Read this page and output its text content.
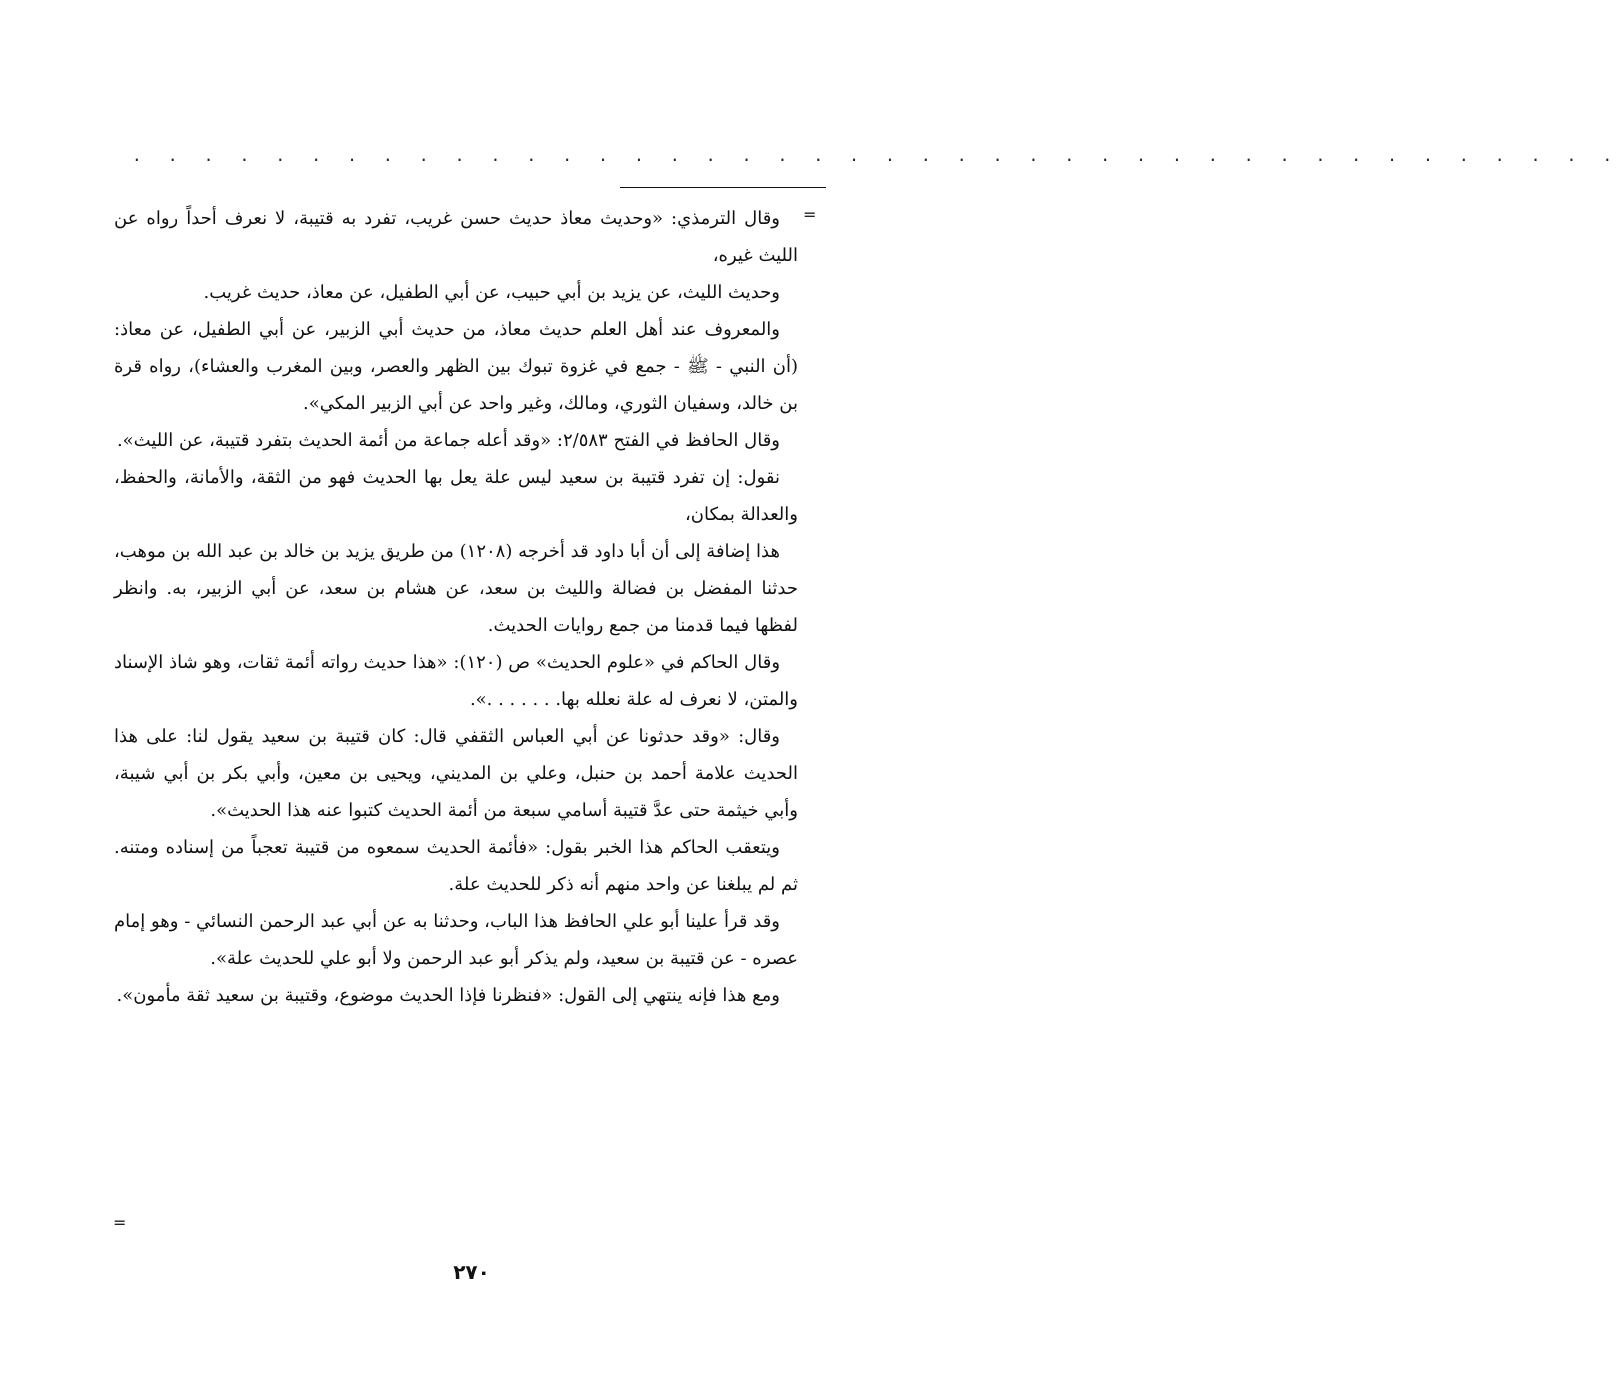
. . . . . . . . . . . . . . . . . . . . . . . . . . . . . . . . . . . . . . . . . .
=

وقال الترمذي: «وحديث معاذ حديث حسن غريب، تفرد به قتيبة، لا نعرف أحداً رواه عن الليث غيره،

وحديث الليث، عن يزيد بن أبي حبيب، عن أبي الطفيل، عن معاذ، حديث غريب.

والمعروف عند أهل العلم حديث معاذ، من حديث أبي الزبير، عن أبي الطفيل، عن معاذ: (أن النبي - ﷺ - جمع في غزوة تبوك بين الظهر والعصر، وبين المغرب والعشاء)، رواه قرة بن خالد، وسفيان الثوري، ومالك، وغير واحد عن أبي الزبير المكي».

وقال الحافظ في الفتح ٢/٥٨٣: «وقد أعله جماعة من أئمة الحديث بتفرد قتيبة، عن الليث».

نقول: إن تفرد قتيبة بن سعيد ليس علة يعل بها الحديث فهو من الثقة، والأمانة، والحفظ، والعدالة بمكان،

هذا إضافة إلى أن أبا داود قد أخرجه (١٢٠٨) من طريق يزيد بن خالد بن عبد الله بن موهب، حدثنا المفضل بن فضالة والليث بن سعد، عن هشام بن سعد، عن أبي الزبير، به. وانظر لفظها فيما قدمنا من جمع روايات الحديث.

وقال الحاكم في «علوم الحديث» ص (١٢٠): «هذا حديث رواته أئمة ثقات، وهو شاذ الإسناد والمتن، لا نعرف له علة نعلله بها. . . . . . .».

وقال: «وقد حدثونا عن أبي العباس الثقفي قال: كان قتيبة بن سعيد يقول لنا: على هذا الحديث علامة أحمد بن حنبل، وعلي بن المديني، ويحيى بن معين، وأبي بكر بن أبي شيبة، وأبي خيثمة حتى عدَّ قتيبة أسامي سبعة من أئمة الحديث كتبوا عنه هذا الحديث».

ويتعقب الحاكم هذا الخبر بقول: «فأئمة الحديث سمعوه من قتيبة تعجباً من إسناده ومتنه. ثم لم يبلغنا عن واحد منهم أنه ذكر للحديث علة.

وقد قرأ علينا أبو علي الحافظ هذا الباب، وحدثنا به عن أبي عبد الرحمن النسائي - وهو إمام عصره - عن قتيبة بن سعيد، ولم يذكر أبو عبد الرحمن ولا أبو علي للحديث علة».

ومع هذا فإنه ينتهي إلى القول: «فنظرنا فإذا الحديث موضوع، وقتيبة بن سعيد ثقة مأمون».

=
٢٧٠
